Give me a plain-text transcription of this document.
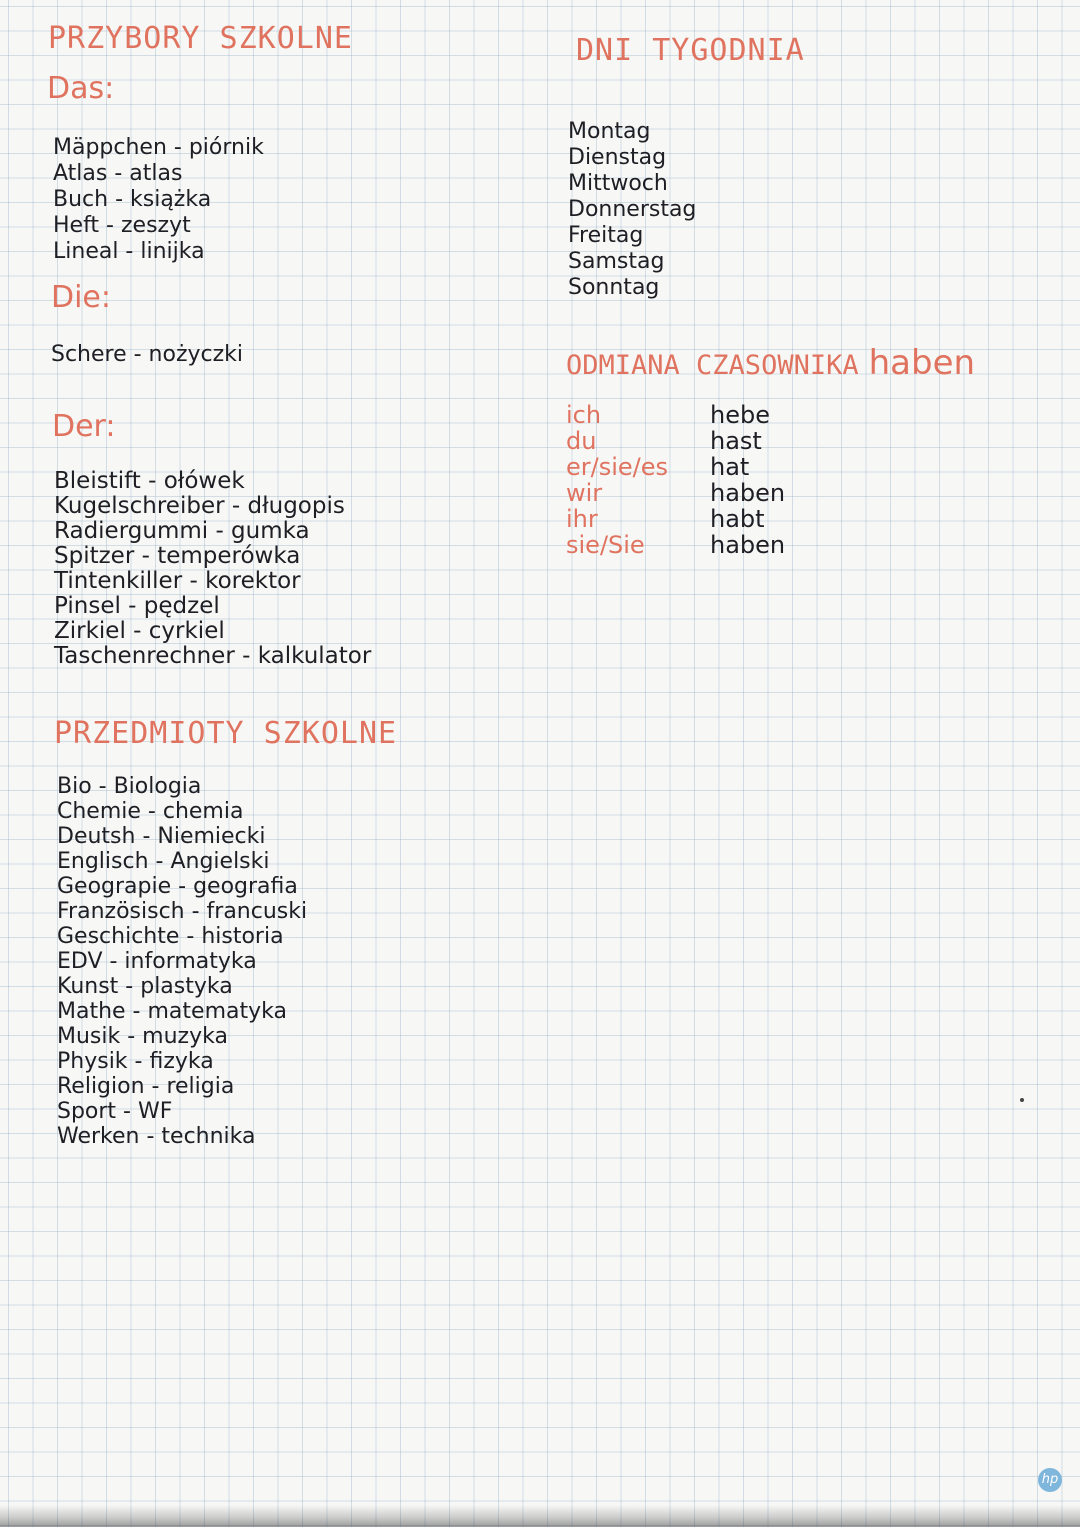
PRZYBORY SZKOLNE
Das:
Mäppchen - piórnik
Atlas - atlas
Buch - książka
Heft - zeszyt
Lineal - linijka
Die:
Schere - nożyczki
Der:
Bleistift - ołówek
Kugelschreiber - długopis
Radiergummi - gumka
Spitzer - temperówka
Tintenkiller - korektor
Pinsel - pędzel
Zirkiel - cyrkiel
Taschenrechner - kalkulator
PRZEDMIOTY SZKOLNE
Bio - Biologia
Chemie - chemia
Deutsh - Niemiecki
Englisch - Angielski
Geograpie - geografia
Französisch - francuski
Geschichte - historia
EDV - informatyka
Kunst - plastyka
Mathe - matematyka
Musik - muzyka
Physik - fizyka
Religion - religia
Sport - WF
Werken - technika
DNI TYGODNIA
Montag
Dienstag
Mittwoch
Donnerstag
Freitag
Samstag
Sonntag
ODMIANA CZASOWNIKA haben
ich	hebe
du	hast
er/sie/es	hat
wir	haben
ihr	habt
sie/Sie	haben
hp
